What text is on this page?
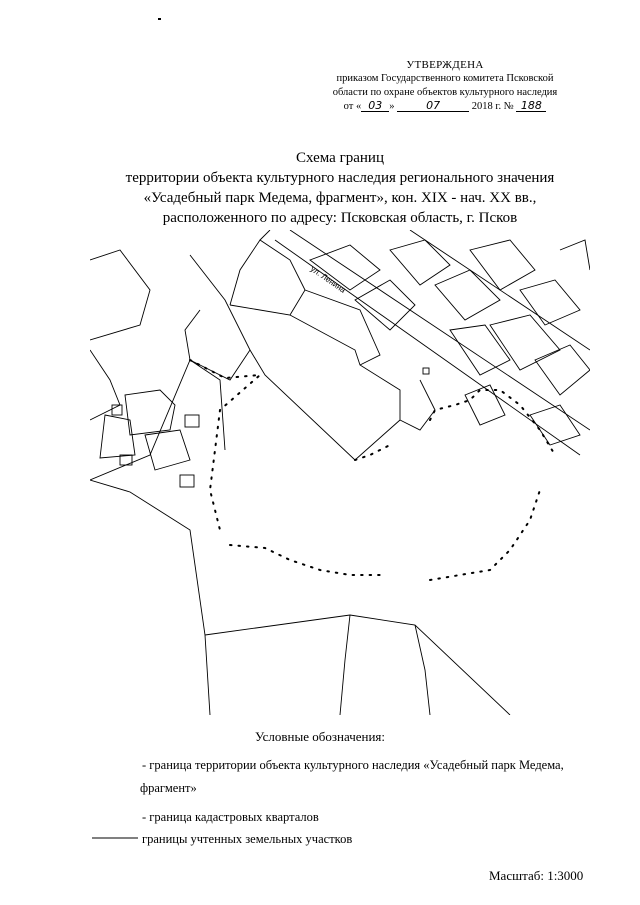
УТВЕРЖДЕНА
приказом Государственного комитета Псковской
области по охране объектов культурного наследия
от « 03 »	07	2018 г. № 188
Схема границ
территории объекта культурного наследия регионального значения
«Усадебный парк Медема, фрагмент», кон. XIX - нач. XX вв.,
расположенного по адресу: Псковская область, г. Псков
ул. Ленина
Условные обозначения:
- граница территории объекта культурного наследия «Усадебный парк Медема,
фрагмент»
- граница кадастровых кварталов
границы учтенных земельных участков
Масштаб: 1:3000
